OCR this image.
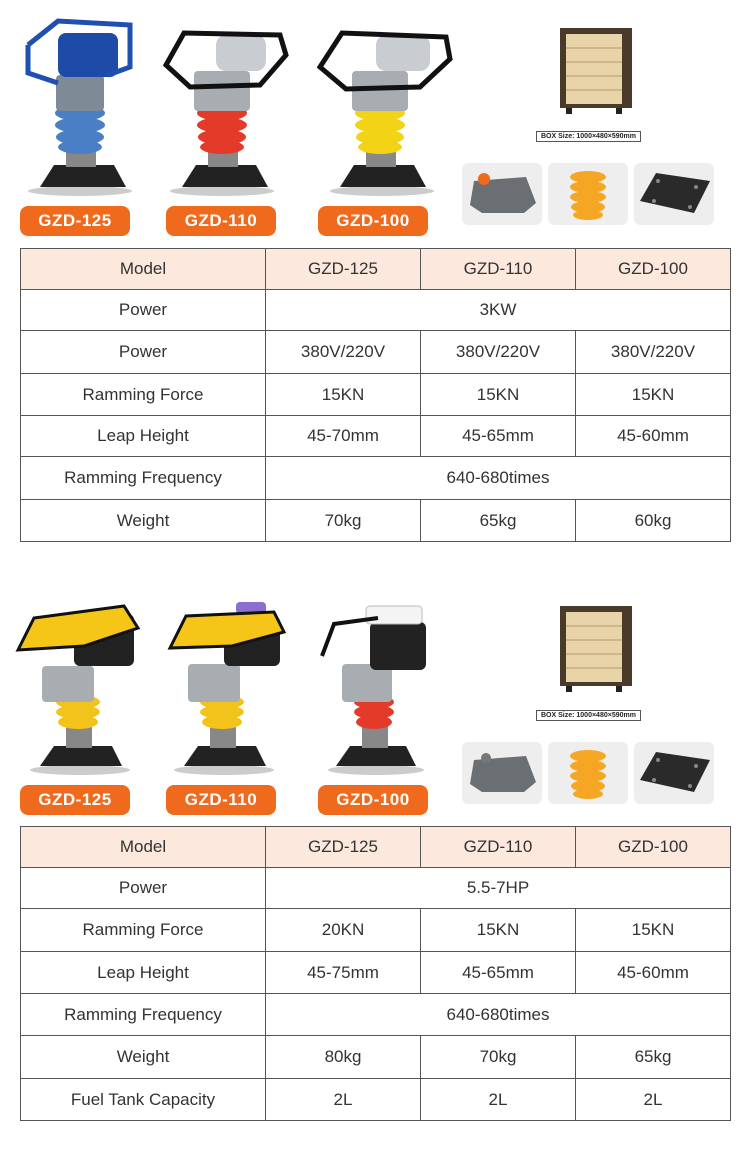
GZD-125	GZD-110	GZD-100
BOX Size: 1000×480×590mm
Model	GZD-125	GZD-110	GZD-100
Power	3KW		
Power	380V/220V	380V/220V	380V/220V
Ramming Force	15KN	15KN	15KN
Leap Height	45-70mm	45-65mm	45-60mm
Ramming Frequency	640-680times		
Weight	70kg	65kg	60kg
GZD-125	GZD-110	GZD-100
BOX Size: 1000×480×590mm
Model	GZD-125	GZD-110	GZD-100
Power	5.5-7HP		
Ramming Force	20KN	15KN	15KN
Leap Height	45-75mm	45-65mm	45-60mm
Ramming Frequency	640-680times		
Weight	80kg	70kg	65kg
Fuel Tank Capacity	2L	2L	2L
